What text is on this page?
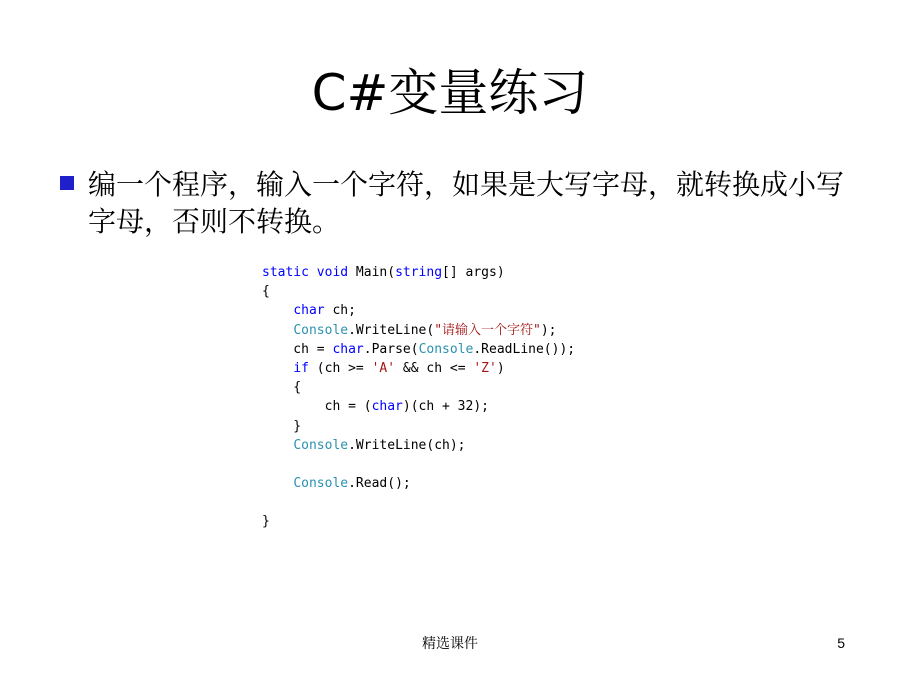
C#变量练习
编一个程序，输入一个字符，如果是大写字母，就转换成小写字母，否则不转换。
static void Main(string[] args)
{
char ch;
Console.WriteLine("请输入一个字符");
ch = char.Parse(Console.ReadLine());
if (ch >= 'A' && ch <= 'Z')
{
ch = (char)(ch + 32);
}
Console.WriteLine(ch);
Console.Read();
}
精选课件	5
